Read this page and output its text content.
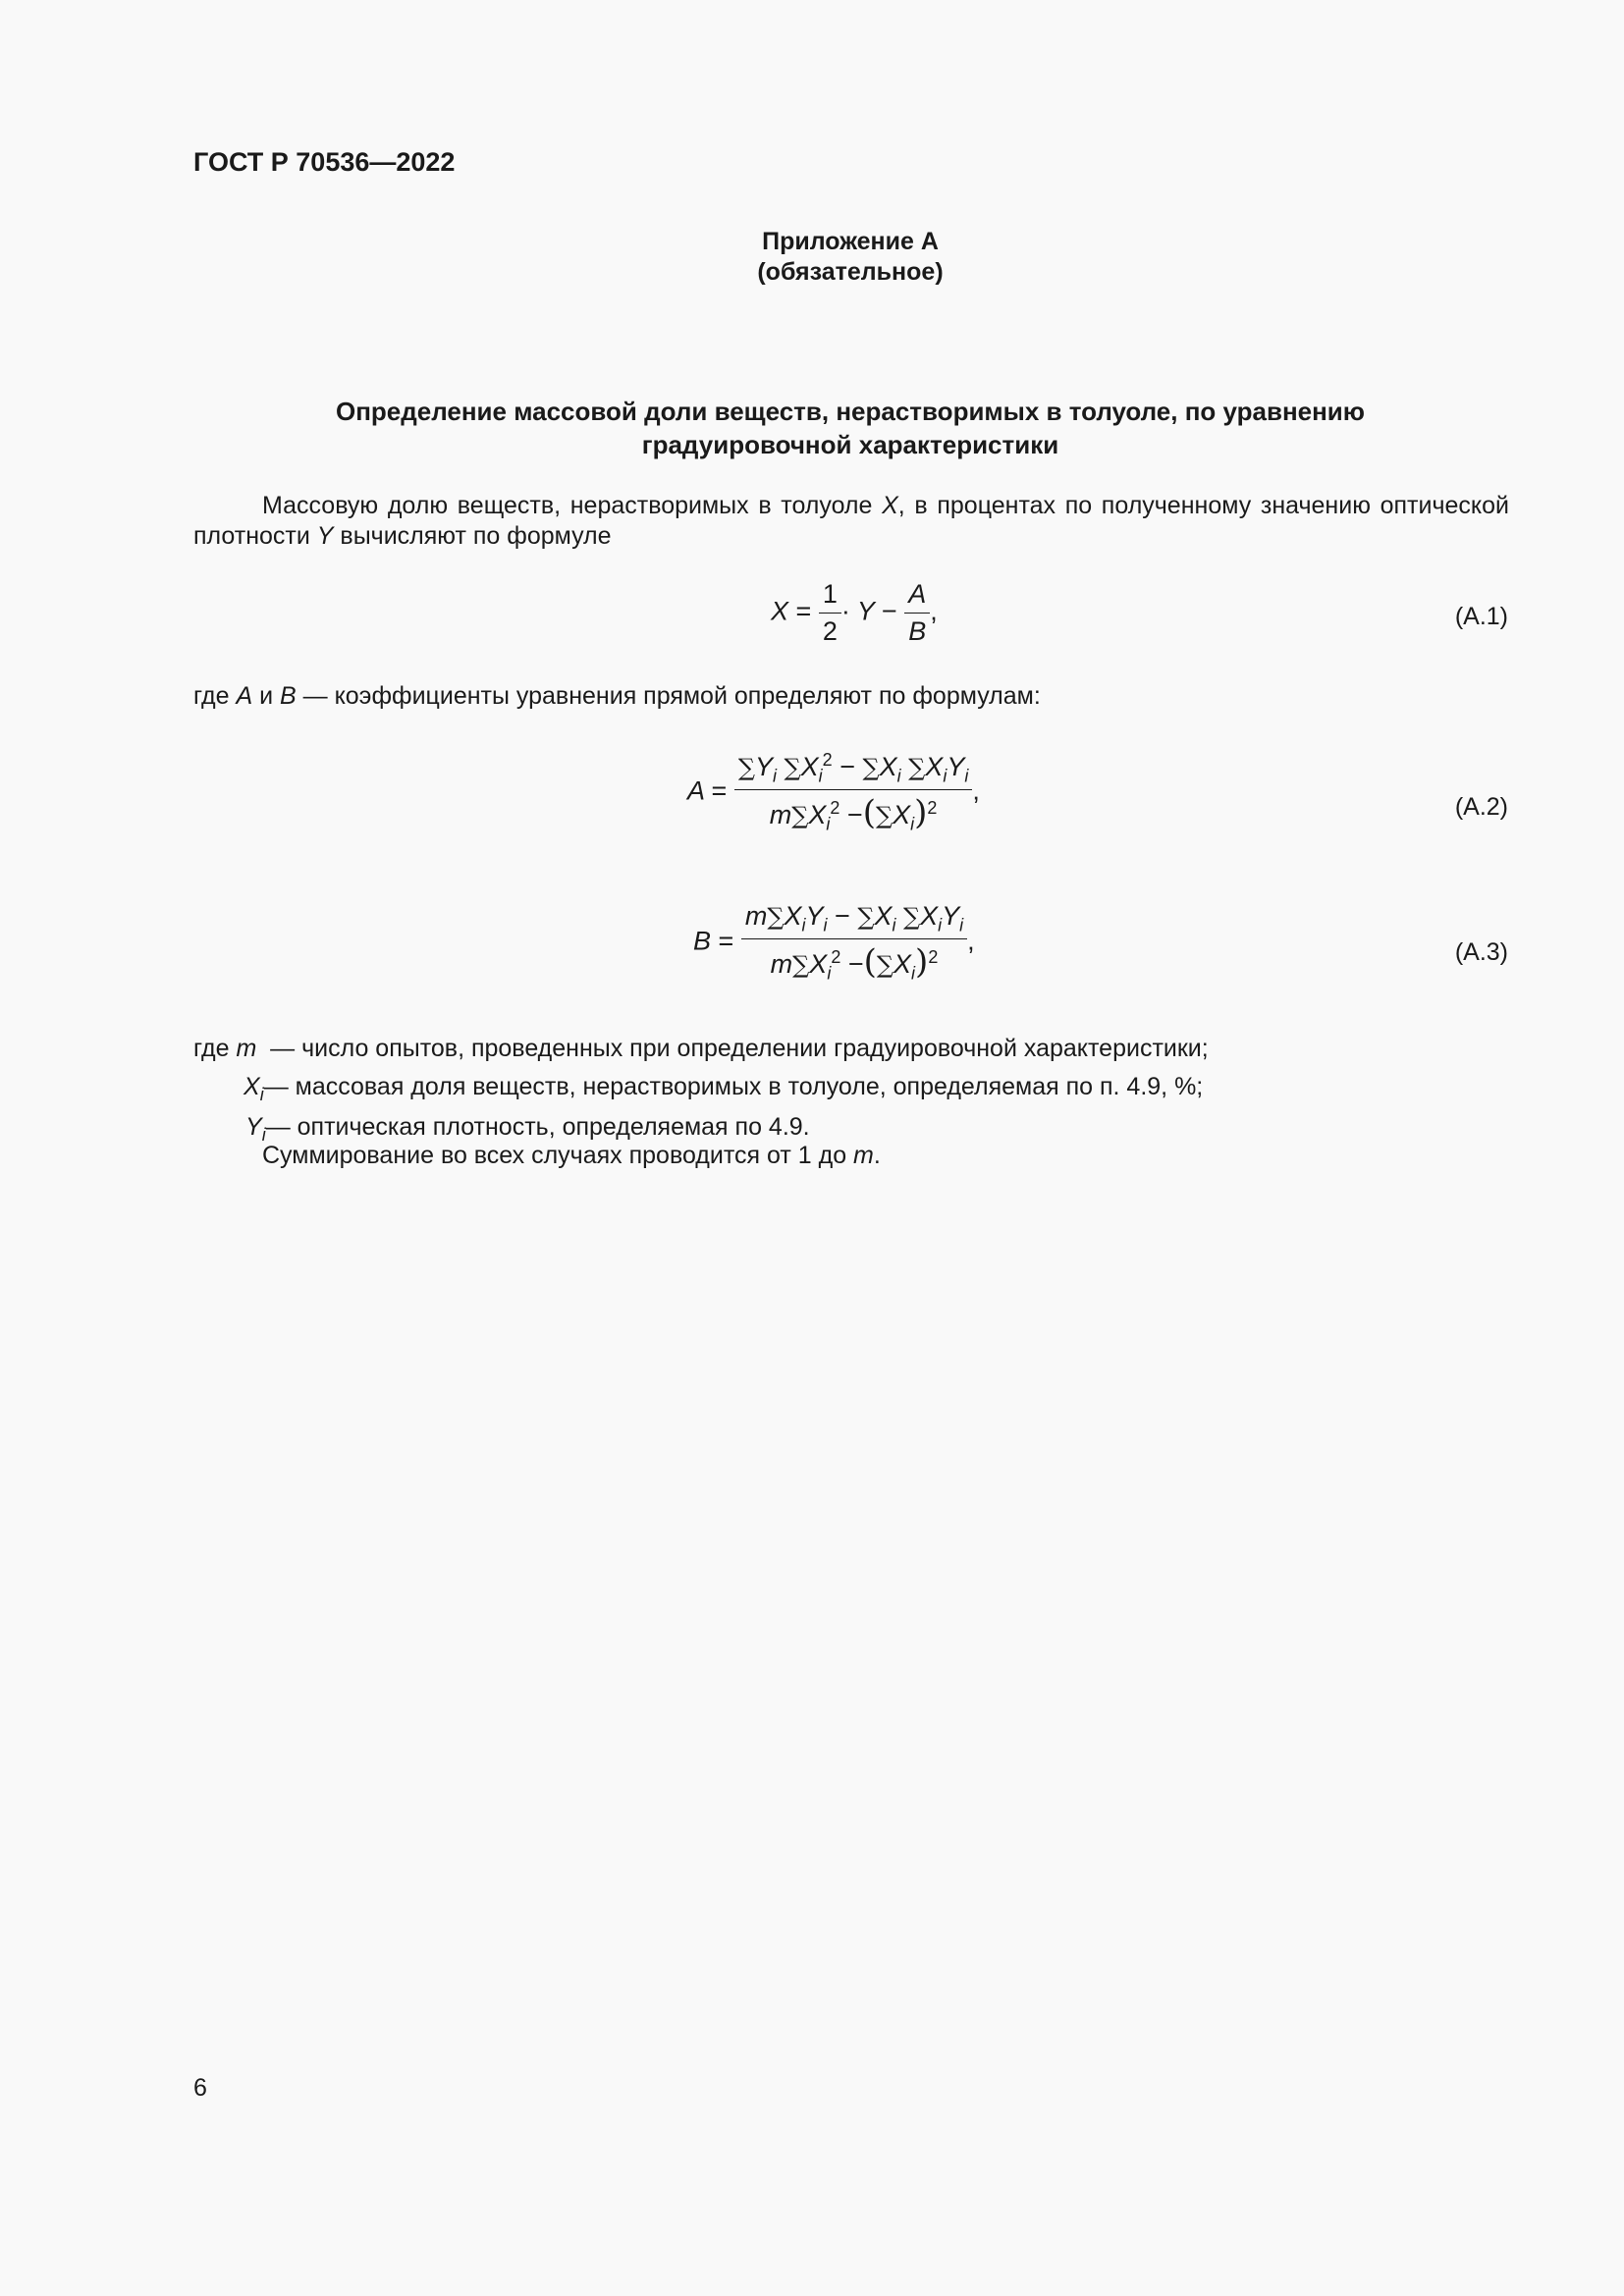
ГОСТ Р 70536—2022
Приложение А
(обязательное)
Определение массовой доли веществ, нерастворимых в толуоле, по уравнению
градуировочной характеристики
Массовую долю веществ, нерастворимых в толуоле X, в процентах по полученному значению оптической плотности Y вычисляют по формуле
$X = \frac{1}{2} \cdot Y - \frac{A}{B}$ ,	(А.1)
где A и B — коэффициенты уравнения прямой определяют по формулам:
$A = \frac{\sum Y_i \sum X_i^2 - \sum X_i \sum X_iY_i}{m\sum X_i^2 -(\sum X_i)^2}$ ,
(А.2)
$B = \frac{m\sum X_iY_i - \sum X_i \sum X_iY_i}{m\sum X_i^2 -(\sum X_i)^2}$ ,	(А.3)
где m  — число опытов, проведенных при определении градуировочной характеристики;
$X_i—$ массовая доля веществ, нерастворимых в толуоле, определяемая по п. 4.9, %;
$Y_i—$ оптическая плотность, определяемая по 4.9.
Суммирование во всех случаях проводится от 1 до m.
6
